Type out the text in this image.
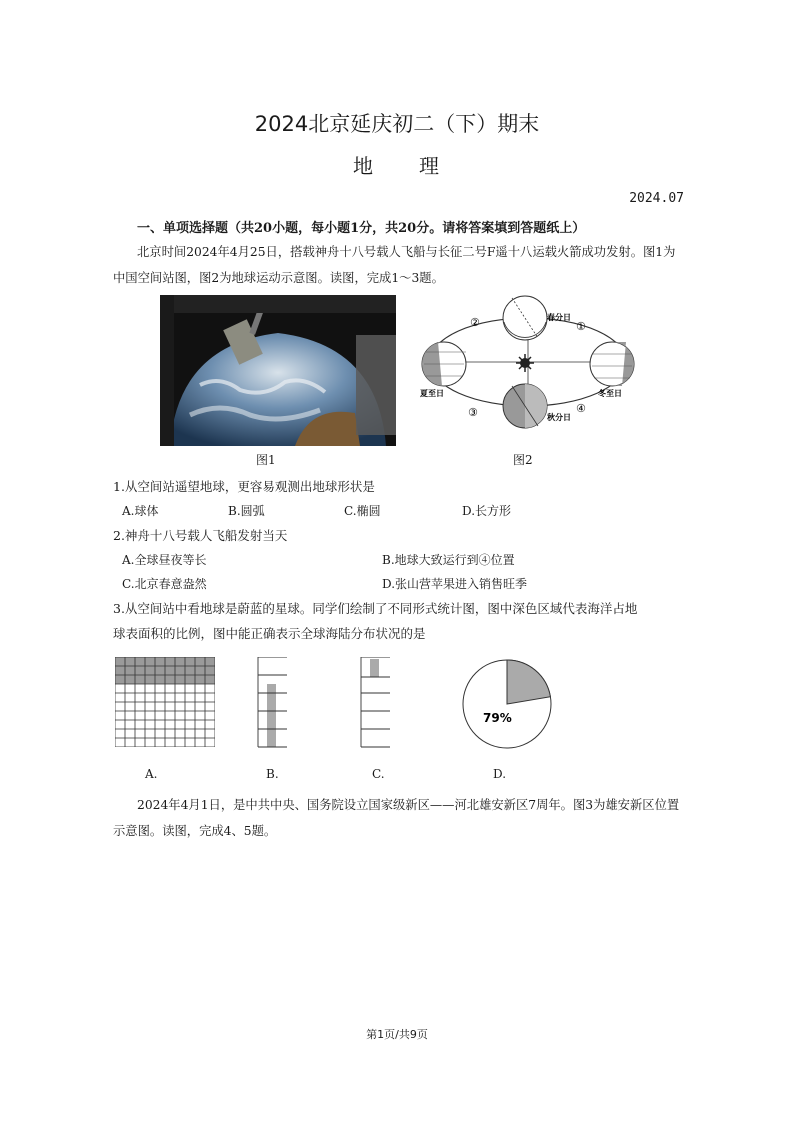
2024北京延庆初二（下）期末
地　　理
2024.07
一、单项选择题（共20小题，每小题1分，共20分。请将答案填到答题纸上）
北京时间2024年4月25日，搭载神舟十八号载人飞船与长征二号F遥十八运载火箭成功发射。图1为中国空间站图，图2为地球运动示意图。读图，完成1～3题。
春分日
夏至日
秋分日
冬至日
①
②
③	④
图1	图2
1.从空间站遥望地球，更容易观测出地球形状是
A.球体	B.圆弧	C.椭圆	D.长方形
2.神舟十八号载人飞船发射当天
A.全球昼夜等长	B.地球大致运行到④位置
C.北京春意盎然	D.张山营苹果进入销售旺季
3.从空间站中看地球是蔚蓝的星球。同学们绘制了不同形式统计图，图中深色区域代表海洋占地
球表面积的比例，图中能正确表示全球海陆分布状况的是
A.	B.	C.
79%
D.
2024年4月1日，是中共中央、国务院设立国家级新区——河北雄安新区7周年。图3为雄安新区位置示意图。读图，完成4、5题。
第1页/共9页
